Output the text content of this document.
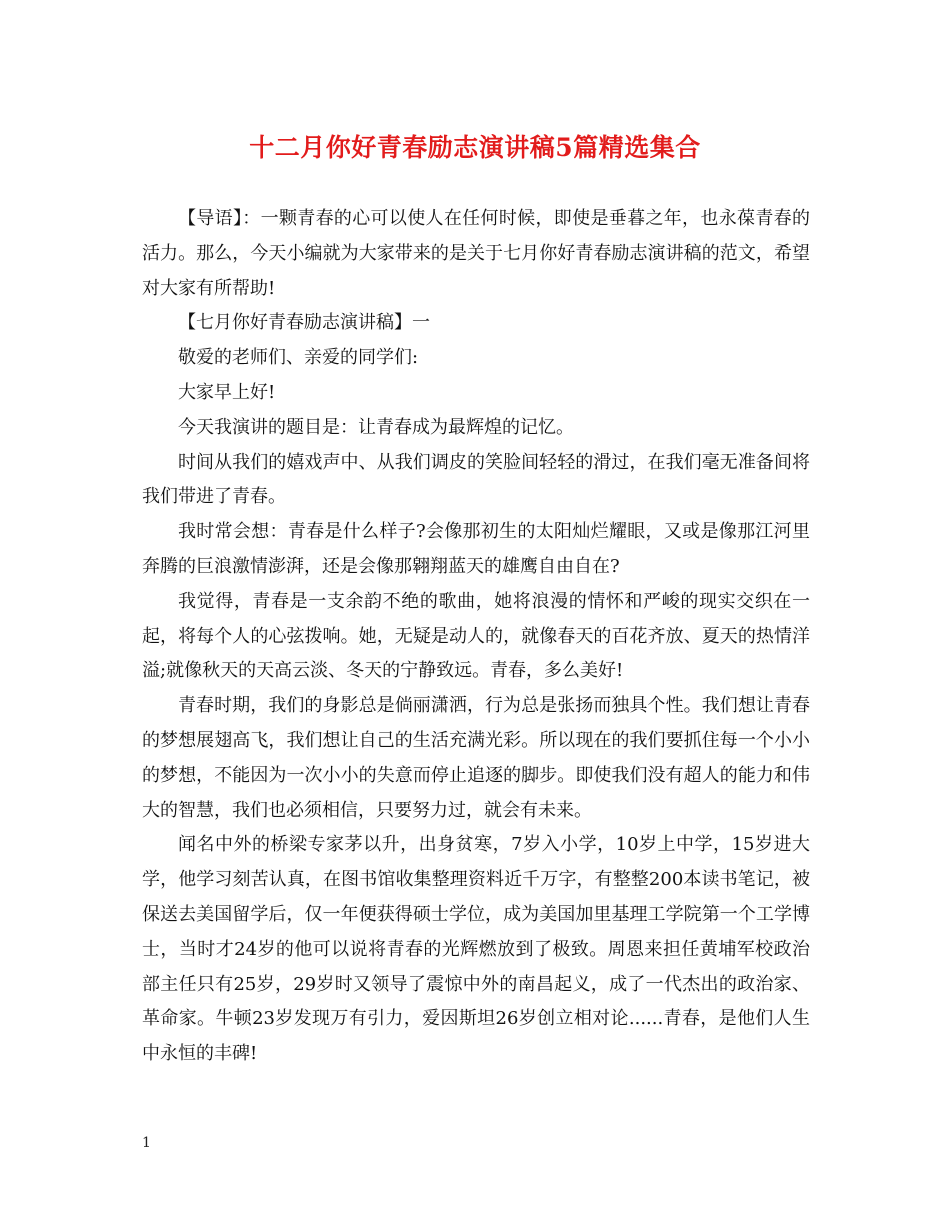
十二月你好青春励志演讲稿5篇精选集合

【导语】：一颗青春的心可以使人在任何时候，即使是垂暮之年，也永葆青春的活力。那么，今天小编就为大家带来的是关于七月你好青春励志演讲稿的范文，希望对大家有所帮助!

【七月你好青春励志演讲稿】一

敬爱的老师们、亲爱的同学们:

大家早上好!

今天我演讲的题目是：让青春成为最辉煌的记忆。

时间从我们的嬉戏声中、从我们调皮的笑脸间轻轻的滑过，在我们毫无准备间将我们带进了青春。

我时常会想：青春是什么样子?会像那初生的太阳灿烂耀眼，又或是像那江河里奔腾的巨浪激情澎湃，还是会像那翱翔蓝天的雄鹰自由自在?

我觉得，青春是一支余韵不绝的歌曲，她将浪漫的情怀和严峻的现实交织在一起，将每个人的心弦拨响。她，无疑是动人的，就像春天的百花齐放、夏天的热情洋溢;就像秋天的天高云淡、冬天的宁静致远。青春，多么美好!

青春时期，我们的身影总是倘丽潇洒，行为总是张扬而独具个性。我们想让青春的梦想展翅高飞，我们想让自己的生活充满光彩。所以现在的我们要抓住每一个小小的梦想，不能因为一次小小的失意而停止追逐的脚步。即使我们没有超人的能力和伟大的智慧，我们也必须相信，只要努力过，就会有未来。

闻名中外的桥梁专家茅以升，出身贫寒，7岁入小学，10岁上中学，15岁进大学，他学习刻苦认真，在图书馆收集整理资料近千万字，有整整200本读书笔记，被保送去美国留学后，仅一年便获得硕士学位，成为美国加里基理工学院第一个工学博士，当时才24岁的他可以说将青春的光辉燃放到了极致。周恩来担任黄埔军校政治部主任只有25岁，29岁时又领导了震惊中外的南昌起义，成了一代杰出的政治家、革命家。牛顿23岁发现万有引力，爱因斯坦26岁创立相对论......青春，是他们人生中永恒的丰碑!

1
